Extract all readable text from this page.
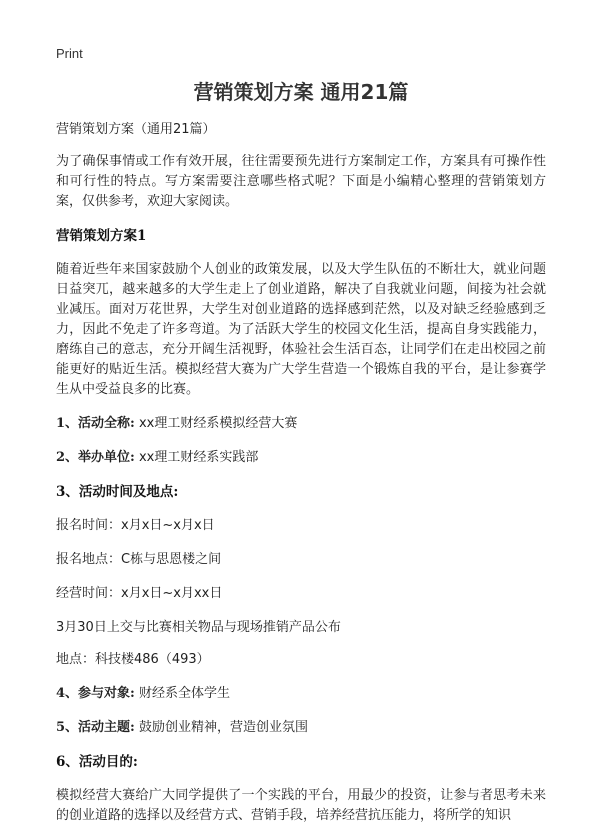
Print
营销策划方案 通用21篇
营销策划方案（通用21篇）
为了确保事情或工作有效开展，往往需要预先进行方案制定工作，方案具有可操作性和可行性的特点。写方案需要注意哪些格式呢？下面是小编精心整理的营销策划方案，仅供参考，欢迎大家阅读。
营销策划方案1
随着近些年来国家鼓励个人创业的政策发展，以及大学生队伍的不断壮大，就业问题日益突兀，越来越多的大学生走上了创业道路，解决了自我就业问题，间接为社会就业减压。面对万花世界，大学生对创业道路的选择感到茫然，以及对缺乏经验感到乏力，因此不免走了许多弯道。为了活跃大学生的校园文化生活，提高自身实践能力，磨练自己的意志，充分开阔生活视野，体验社会生活百态，让同学们在走出校园之前能更好的贴近生活。模拟经营大赛为广大学生营造一个锻炼自我的平台，是让参赛学生从中受益良多的比赛。
1、活动全称: xx理工财经系模拟经营大赛
2、举办单位: xx理工财经系实践部
3、活动时间及地点:
报名时间：x月x日~x月x日
报名地点：C栋与思恩楼之间
经营时间：x月x日~x月xx日
3月30日上交与比赛相关物品与现场推销产品公布
地点：科技楼486（493）
4、参与对象: 财经系全体学生
5、活动主题: 鼓励创业精神，营造创业氛围
6、活动目的:
模拟经营大赛给广大同学提供了一个实践的平台，用最少的投资，让参与者思考未来的创业道路的选择以及经营方式、营销手段，培养经营抗压能力，将所学的知识
